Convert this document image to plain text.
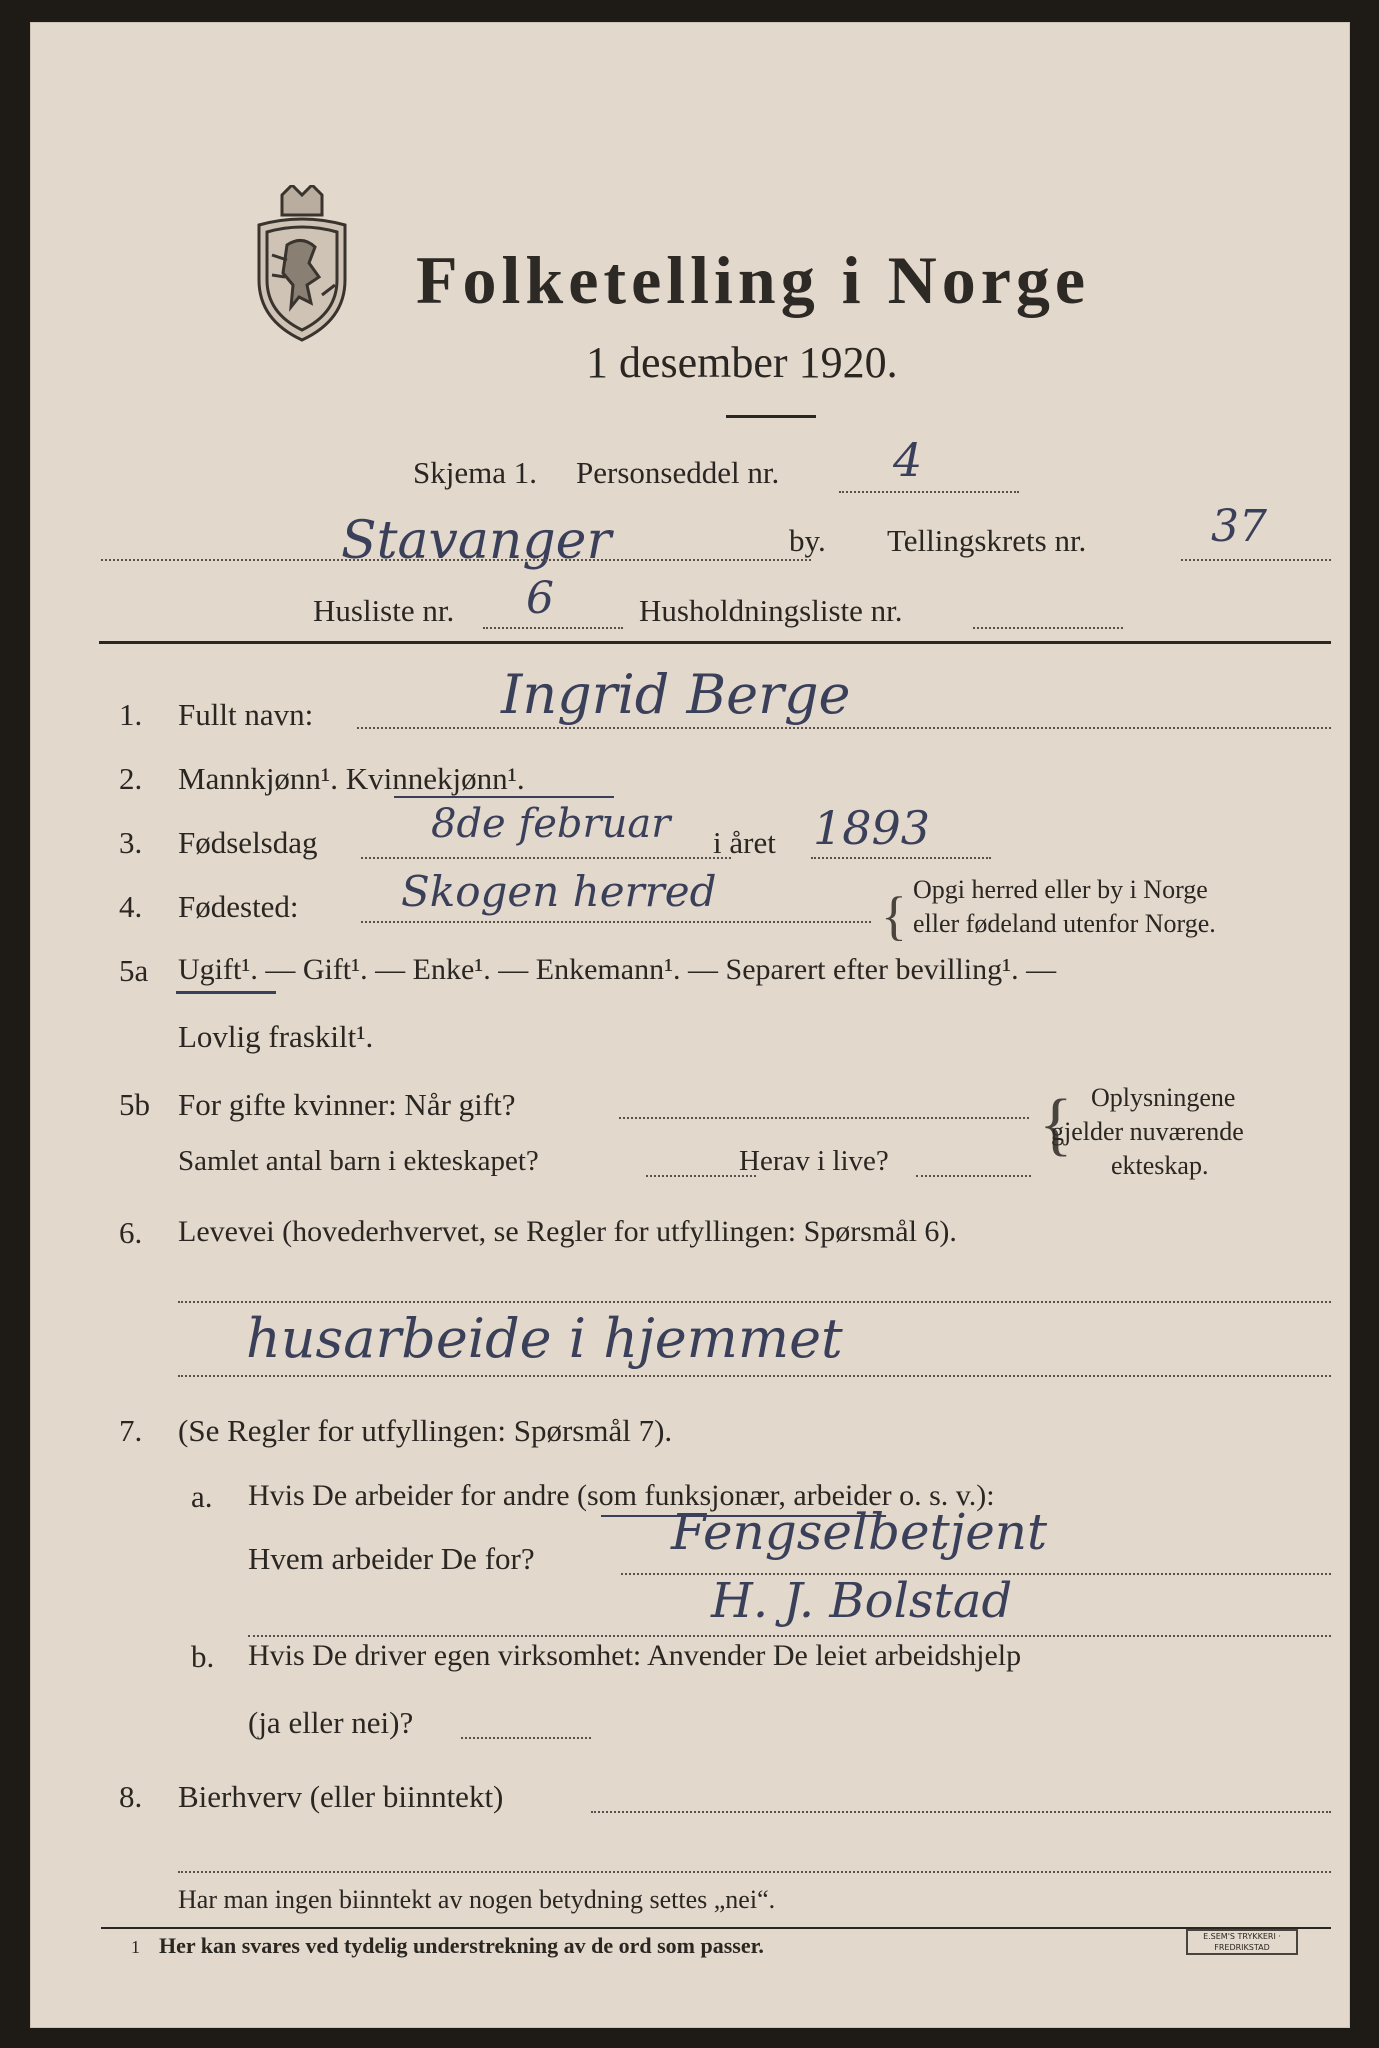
Folketelling i Norge
1 desember 1920.
Skjema 1. Personseddel nr. 4
Stavanger	by. Tellingskrets nr.	37
Husliste nr. 6	Husholdningsliste nr.
1. Fullt navn:	Ingrid Berge
2. Mannkjønn¹. Kvinnekjønn¹.
3. Fødselsdag	8de februar i året 1893
4. Fødested: Skogen herred	{ Opgi herred eller by i Norge
eller fødeland utenfor Norge.
5a Ugift¹. — Gift¹. — Enke¹. — Enkemann¹. — Separert efter bevilling¹. —
Lovlig fraskilt¹.
5b For gifte kvinner: Når gift?
Samlet antal barn i ekteskapet?	Herav i live? { Oplysningene
gjelder nuværende
ekteskap.
6. Levevei (hovederhvervet, se Regler for utfyllingen: Spørsmål 6).
husarbeide i hjemmet
7. (Se Regler for utfyllingen: Spørsmål 7).
a. Hvis De arbeider for andre (som funksjonær, arbeider o. s. v.):
Hvem arbeider De for?	Fengselbetjent
H. J. Bolstad
b. Hvis De driver egen virksomhet: Anvender De leiet arbeidshjelp
(ja eller nei)?
8. Bierhverv (eller biinntekt)
Har man ingen biinntekt av nogen betydning settes „nei“.
1 Her kan svares ved tydelig understrekning av de ord som passer.	E.SEM'S TRYKKERI · FREDRIKSTAD
